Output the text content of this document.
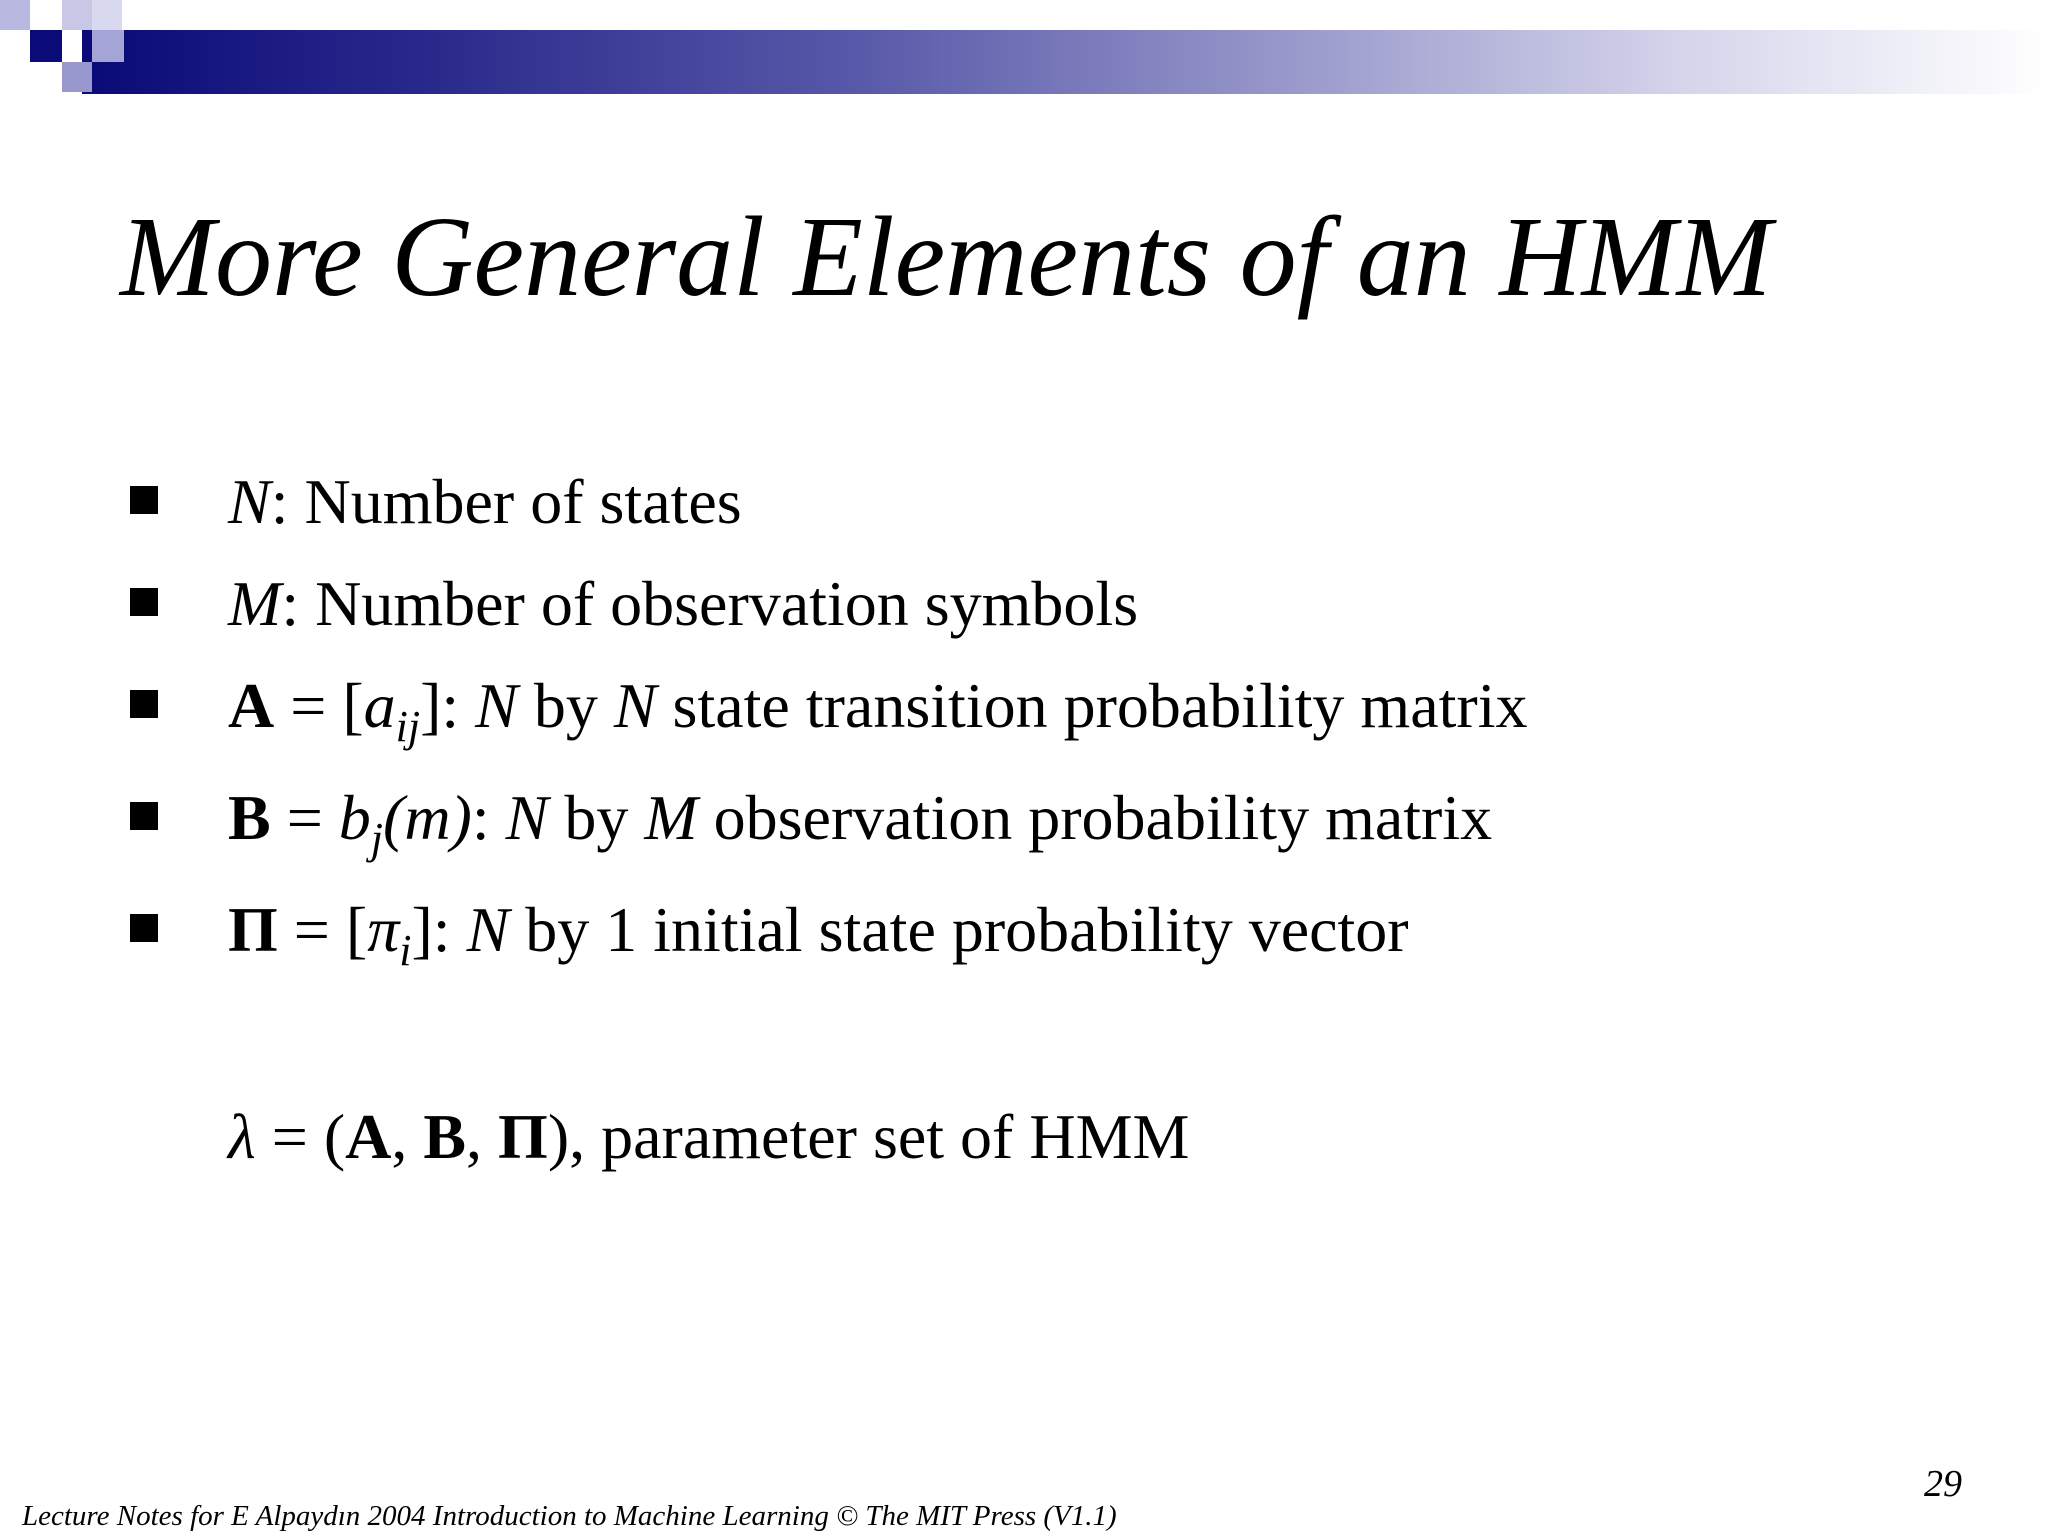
More General Elements of an HMM
N: Number of states
M: Number of observation symbols
$A = [a_{ij}]$: N by N state transition probability matrix
$B = b_j(m)$: N by M observation probability matrix
$\Pi = [\pi_i]$: N by 1 initial state probability vector
λ = (A, B, Π), parameter set of HMM
29
Lecture Notes for E Alpaydın 2004 Introduction to Machine Learning © The MIT Press (V1.1)
